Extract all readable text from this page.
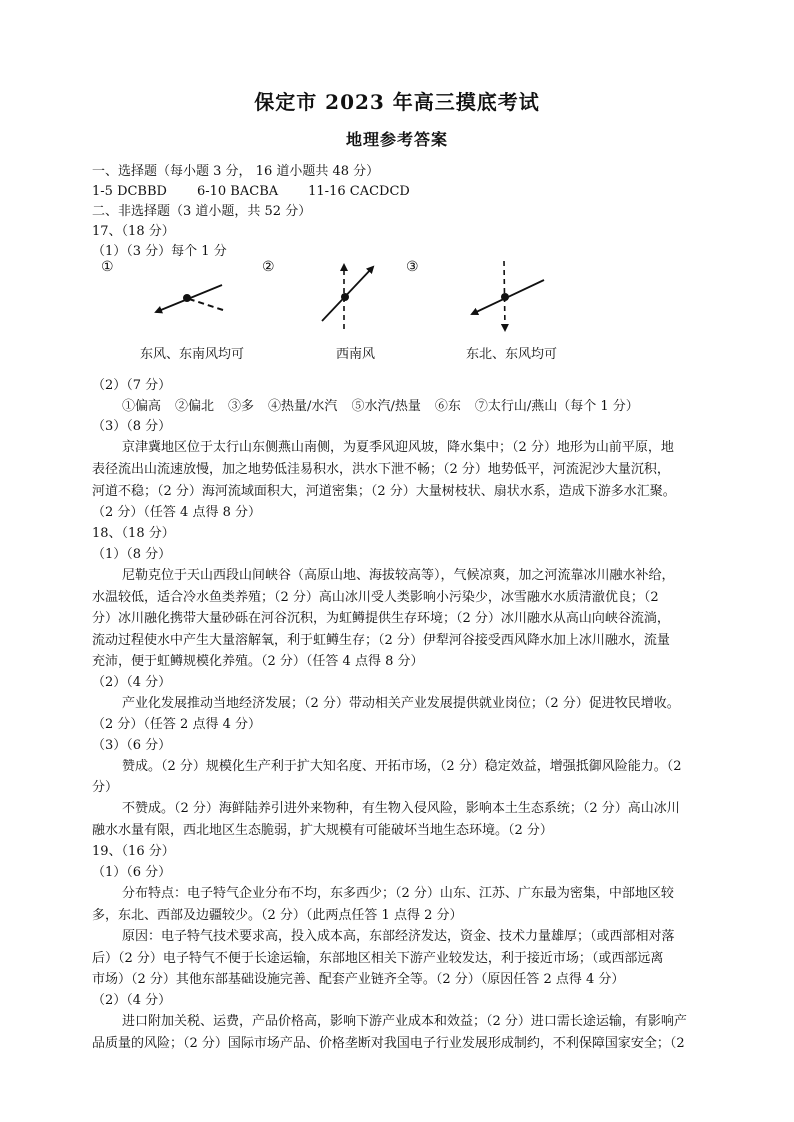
保定市 2023 年高三摸底考试
地理参考答案
一、选择题（每小题 3 分， 16 道小题共 48 分）
1-5 DCBBD 6-10 BACBA 11-16 CACDCD
二、非选择题（3 道小题，共 52 分）
17、（18 分）
（1）（3 分）每个 1 分
①	②	③
东风、东南风均可	西南风	东北、东风均可
（2）（7 分）
①偏高 ②偏北 ③多 ④热量/水汽 ⑤水汽/热量 ⑥东 ⑦太行山/燕山（每个 1 分）
（3）（8 分）
京津冀地区位于太行山东侧燕山南侧，为夏季风迎风坡，降水集中；（2 分）地形为山前平原，地
表径流出山流速放慢，加之地势低洼易积水，洪水下泄不畅；（2 分）地势低平，河流泥沙大量沉积，
河道不稳；（2 分）海河流域面积大，河道密集；（2 分）大量树枝状、扇状水系，造成下游多水汇聚。
（2 分）（任答 4 点得 8 分）
18、（18 分）
（1）（8 分）
尼勒克位于天山西段山间峡谷（高原山地、海拔较高等），气候凉爽，加之河流靠冰川融水补给，
水温较低，适合冷水鱼类养殖；（2 分）高山冰川受人类影响小污染少，冰雪融水水质清澈优良；（2
分）冰川融化携带大量砂砾在河谷沉积，为虹鳟提供生存环境；（2 分）冰川融水从高山向峡谷流淌，
流动过程使水中产生大量溶解氧，利于虹鳟生存；（2 分）伊犁河谷接受西风降水加上冰川融水，流量
充沛，便于虹鳟规模化养殖。（2 分）（任答 4 点得 8 分）
（2）（4 分）
产业化发展推动当地经济发展；（2 分）带动相关产业发展提供就业岗位；（2 分）促进牧民增收。
（2 分）（任答 2 点得 4 分）
（3）（6 分）
赞成。（2 分）规模化生产利于扩大知名度、开拓市场，（2 分）稳定效益，增强抵御风险能力。（2
分）
不赞成。（2 分）海鲜陆养引进外来物种，有生物入侵风险，影响本土生态系统；（2 分）高山冰川
融水水量有限，西北地区生态脆弱，扩大规模有可能破坏当地生态环境。（2 分）
19、（16 分）
（1）（6 分）
分布特点：电子特气企业分布不均，东多西少；（2 分）山东、江苏、广东最为密集，中部地区较
多，东北、西部及边疆较少。（2 分）（此两点任答 1 点得 2 分）
原因：电子特气技术要求高，投入成本高，东部经济发达，资金、技术力量雄厚；（或西部相对落
后）（2 分）电子特气不便于长途运输，东部地区相关下游产业较发达，利于接近市场；（或西部远离
市场）（2 分）其他东部基础设施完善、配套产业链齐全等。（2 分）（原因任答 2 点得 4 分）
（2）（4 分）
进口附加关税、运费，产品价格高，影响下游产业成本和效益；（2 分）进口需长途运输，有影响产
品质量的风险；（2 分）国际市场产品、价格垄断对我国电子行业发展形成制约，不利保障国家安全；（2
